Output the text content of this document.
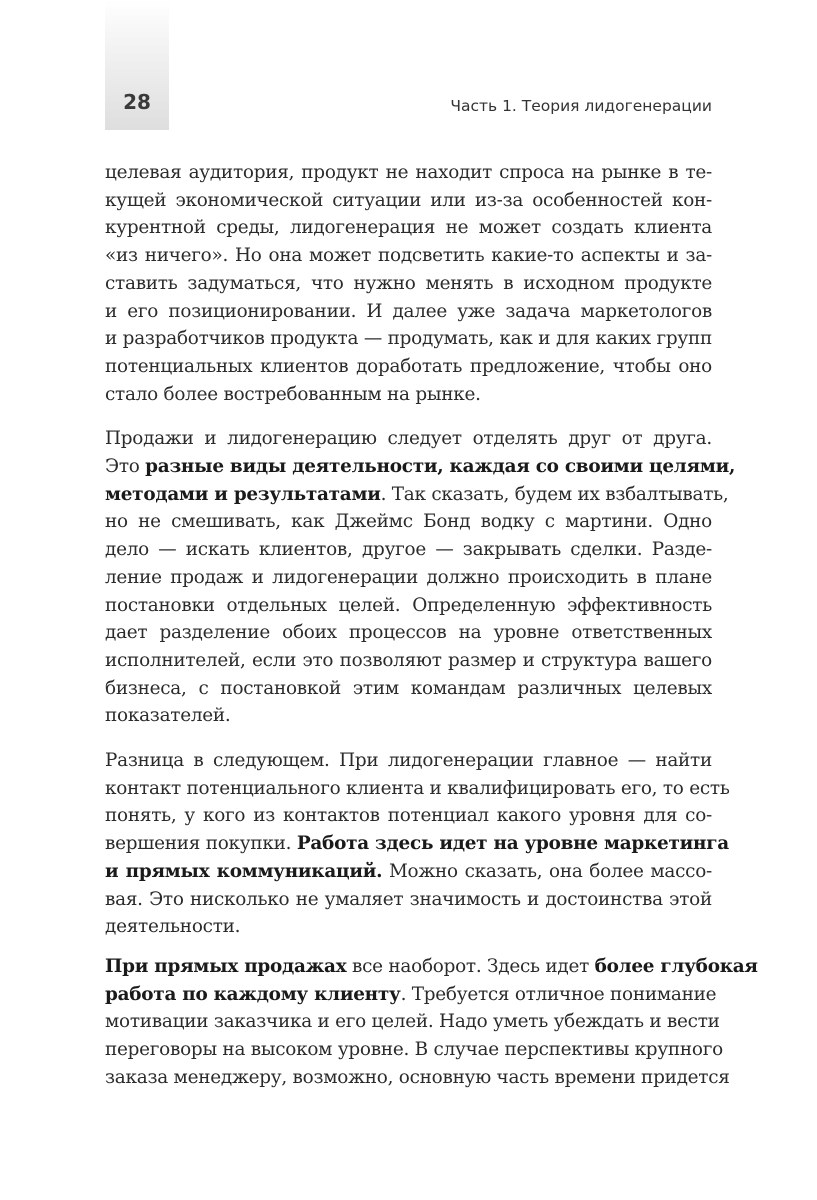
28	Часть 1. Теория лидогенерации

целевая аудитория, продукт не находит спроса на рынке в те-
кущей экономической ситуации или из-за особенностей кон-
курентной среды, лидогенерация не может создать клиента
«из ничего». Но она может подсветить какие-то аспекты и за-
ставить задуматься, что нужно менять в исходном продукте
и его позиционировании. И далее уже задача маркетологов
и разработчиков продукта — продумать, как и для каких групп
потенциальных клиентов доработать предложение, чтобы оно
стало более востребованным на рынке.

Продажи и лидогенерацию следует отделять друг от друга.
Это разные виды деятельности, каждая со своими целями,
методами и результатами. Так сказать, будем их взбалтывать,
но не смешивать, как Джеймс Бонд водку с мартини. Одно
дело — искать клиентов, другое — закрывать сделки. Разде-
ление продаж и лидогенерации должно происходить в плане
постановки отдельных целей. Определенную эффективность
дает разделение обоих процессов на уровне ответственных
исполнителей, если это позволяют размер и структура вашего
бизнеса, с постановкой этим командам различных целевых
показателей.

Разница в следующем. При лидогенерации главное — найти
контакт потенциального клиента и квалифицировать его, то есть
понять, у кого из контактов потенциал какого уровня для со-
вершения покупки. Работа здесь идет на уровне маркетинга
и прямых коммуникаций. Можно сказать, она более массо-
вая. Это нисколько не умаляет значимость и достоинства этой
деятельности.

При прямых продажах все наоборот. Здесь идет более глубокая
работа по каждому клиенту. Требуется отличное понимание
мотивации заказчика и его целей. Надо уметь убеждать и вести
переговоры на высоком уровне. В случае перспективы крупного
заказа менеджеру, возможно, основную часть времени придется
